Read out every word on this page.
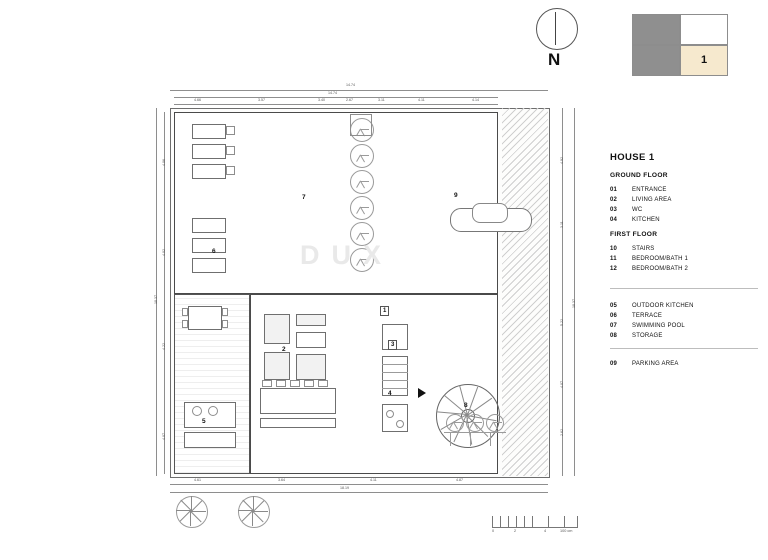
N	1
HOUSE 1
GROUND FLOOR
01 ENTRANCE
02 LIVING AREA
03 WC
04 KITCHEN
FIRST FLOOR
10 STAIRS
11	BEDROOM/BATH 1
12 BEDROOM/BATH 2
05 OUTDOOR KITCHEN
06 TERRACE
07 SWIMMING POOL
08 STORAGE
09 PARKING AREA
14.74
14.74
4.66	3.57	3.40	3.11
2.67	4.11	4.14
4.61	3.64	4.11	4.87
18.19
18.37
4.06
4.02
4.22
4.07
4.92
3.11
5.22
4.07
2.62
18.37
1
2
3
4
5
6
7
8
9
DUX
0	2	4	100 cm
